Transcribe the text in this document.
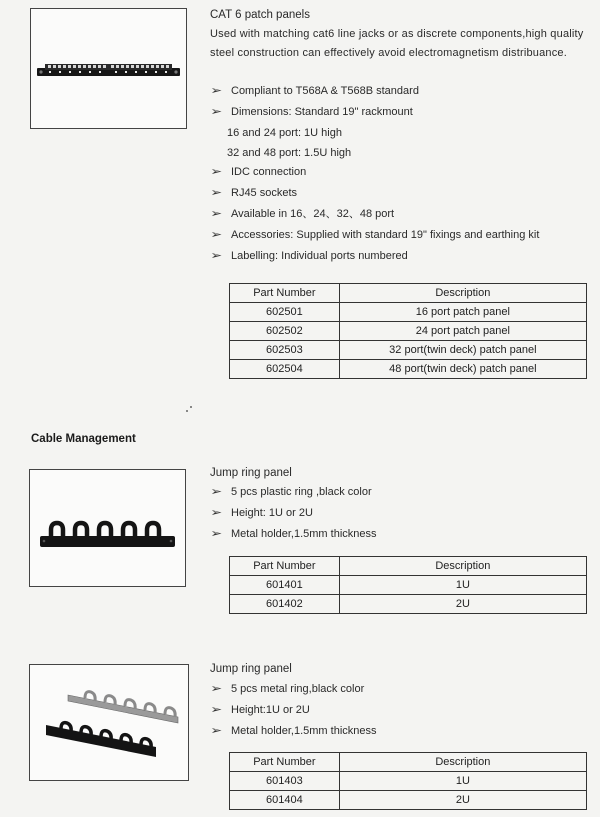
CAT 6 patch panels
Used with matching cat6 line jacks or as discrete components,high quality steel construction can effectively avoid electromagnetism distribuance.
➢ Compliant to T568A & T568B standard
➢ Dimensions: Standard 19" rackmount
16 and 24 port: 1U high
32 and 48 port: 1.5U high
➢ IDC connection
➢ RJ45 sockets
➢ Available in 16、24、32、48 port
➢ Accessories: Supplied with standard 19" fixings and earthing kit
➢ Labelling: Individual ports numbered
Part Number	Description
602501	16 port patch panel
602502	24 port patch panel
602503	32 port(twin deck) patch panel
602504	48 port(twin deck) patch panel
Cable Management
Jump ring panel
➢ 5 pcs plastic ring ,black color
➢ Height: 1U or 2U
➢ Metal holder,1.5mm thickness
Part Number	Description
601401	1U
601402	2U
Jump ring panel
➢ 5 pcs metal ring,black color
➢ Height:1U or 2U
➢ Metal holder,1.5mm thickness
Part Number	Description
601403	1U
601404	2U
